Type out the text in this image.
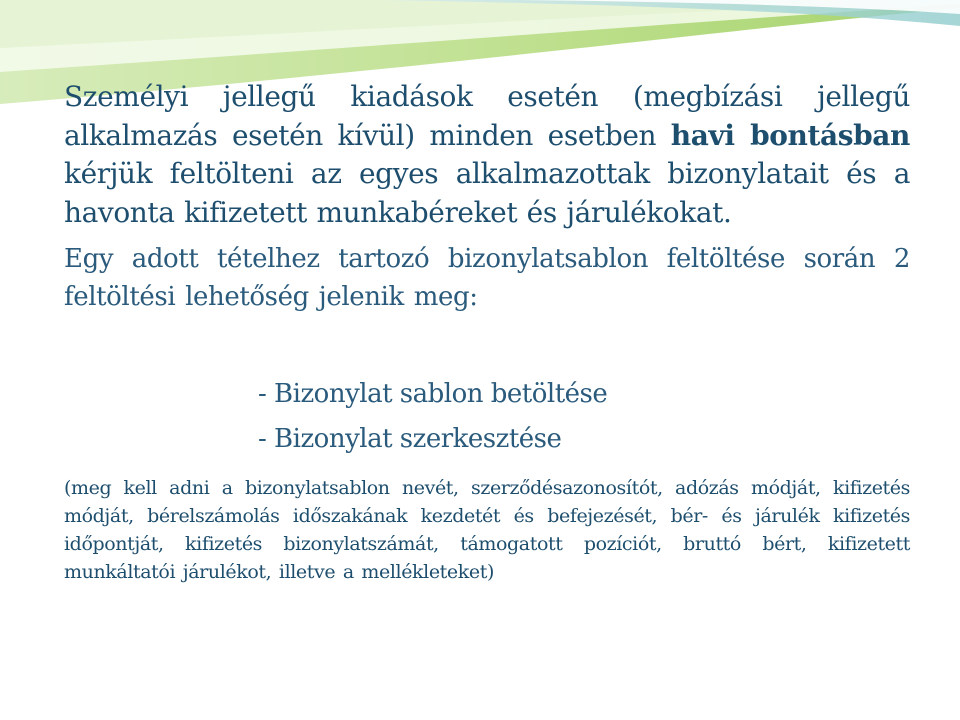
Személyi jellegű kiadások esetén (megbízási jellegű alkalmazás esetén kívül) minden esetben havi bontásban kérjük feltölteni az egyes alkalmazottak bizonylatait és a havonta kifizetett munkabéreket és járulékokat.

Egy adott tételhez tartozó bizonylatsablon feltöltése során 2 feltöltési lehetőség jelenik meg:

- Bizonylat sablon betöltése
- Bizonylat szerkesztése

(meg kell adni a bizonylatsablon nevét, szerződésazonosítót, adózás módját, kifizetés módját, bérelszámolás időszakának kezdetét és befejezését, bér- és járulék kifizetés időpontját, kifizetés bizonylatszámát, támogatott pozíciót, bruttó bért, kifizetett munkáltatói járulékot, illetve a mellékleteket)
